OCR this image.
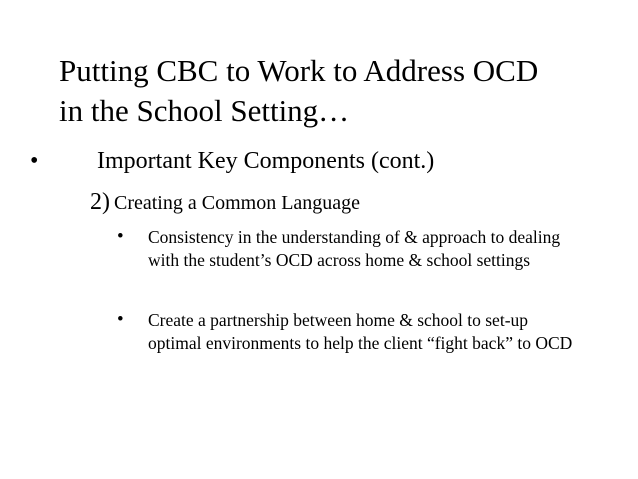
Putting CBC to Work to Address OCD
in the School Setting…
• Important Key Components (cont.)
2) Creating a Common Language
• Consistency in the understanding of & approach to dealing with the student’s OCD across home & school settings
• Create a partnership between home & school to set-up optimal environments to help the client “fight back” to OCD
